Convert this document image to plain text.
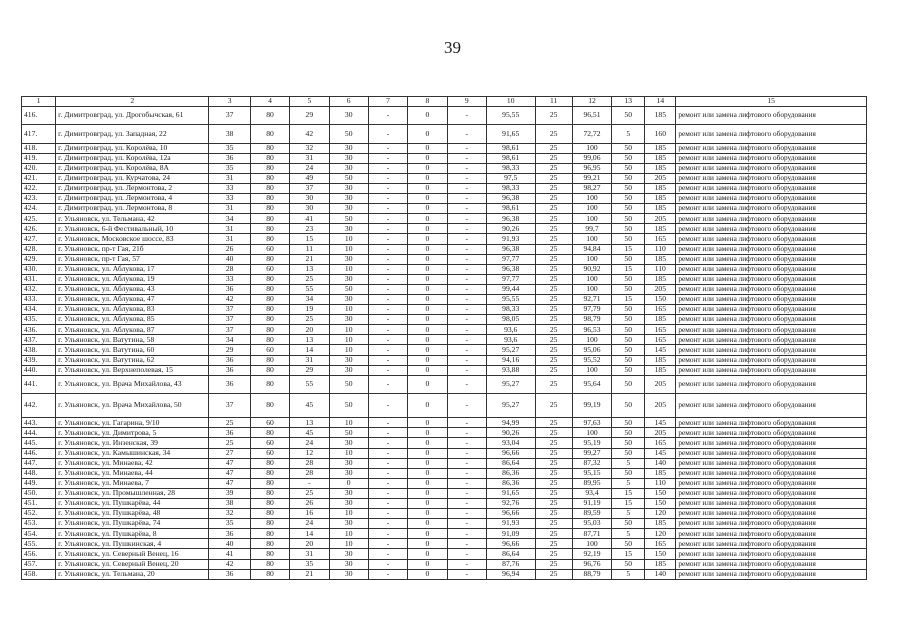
39
1	2	3	4	5	6	7	8	9	10	11	12	13	14	15
416.	г. Димитровград, ул. Дрогобычская, 61	37	80	29	30	-	0	-	95,55	25	96,51	50	185	ремонт или замена лифтового оборудования
417.	г. Димитровград, ул. Западная, 22	38	80	42	50	-	0	-	91,65	25	72,72	5	160	ремонт или замена лифтового оборудования
418.	г. Димитровград, ул. Королёва, 10	35	80	32	30	-	0	-	98,61	25	100	50	185	ремонт или замена лифтового оборудования
419.	г. Димитровград, ул. Королёва, 12а	36	80	31	30	-	0	-	98,61	25	99,06	50	185	ремонт или замена лифтового оборудования
420.	г. Димитровград, ул. Королёва, 8А	35	80	24	30	-	0	-	98,33	25	96,95	50	185	ремонт или замена лифтового оборудования
421.	г. Димитровград, ул. Курчатова, 24	31	80	49	50	-	0	-	97,5	25	99,21	50	205	ремонт или замена лифтового оборудования
422.	г. Димитровград, ул. Лермонтова, 2	33	80	37	30	-	0	-	98,33	25	98,27	50	185	ремонт или замена лифтового оборудования
423.	г. Димитровград, ул. Лермонтова, 4	33	80	30	30	-	0	-	96,38	25	100	50	185	ремонт или замена лифтового оборудования
424.	г. Димитровград, ул. Лермонтова, 8	31	80	30	30	-	0	-	98,61	25	100	50	185	ремонт или замена лифтового оборудования
425.	г. Ульяновск, ул. Тельмана, 42	34	80	41	50	-	0	-	96,38	25	100	50	205	ремонт или замена лифтового оборудования
426.	г. Ульяновск, 6-й Фестивальный, 10	31	80	23	30	-	0	-	90,26	25	99,7	50	185	ремонт или замена лифтового оборудования
427.	г. Ульяновск, Московское шоссе, 83	31	80	15	10	-	0	-	91,93	25	100	50	165	ремонт или замена лифтового оборудования
428.	г. Ульяновск, пр-т Гая, 21б	26	60	11	10	-	0	-	96,38	25	94,84	15	110	ремонт или замена лифтового оборудования
429.	г. Ульяновск, пр-т Гая, 57	40	80	21	30	-	0	-	97,77	25	100	50	185	ремонт или замена лифтового оборудования
430.	г. Ульяновск, ул. Аблукова, 17	28	60	13	10	-	0	-	96,38	25	90,92	15	110	ремонт или замена лифтового оборудования
431.	г. Ульяновск, ул. Аблукова, 19	33	80	25	30	-	0	-	97,77	25	100	50	185	ремонт или замена лифтового оборудования
432.	г. Ульяновск, ул. Аблукова, 43	36	80	55	50	-	0	-	99,44	25	100	50	205	ремонт или замена лифтового оборудования
433.	г. Ульяновск, ул. Аблукова, 47	42	80	34	30	-	0	-	95,55	25	92,71	15	150	ремонт или замена лифтового оборудования
434.	г. Ульяновск, ул. Аблукова, 83	37	80	19	10	-	0	-	98,33	25	97,79	50	165	ремонт или замена лифтового оборудования
435.	г. Ульяновск, ул. Аблукова, 85	37	80	25	30	-	0	-	98,05	25	98,79	50	185	ремонт или замена лифтового оборудования
436.	г. Ульяновск, ул. Аблукова, 87	37	80	20	10	-	0	-	93,6	25	96,53	50	165	ремонт или замена лифтового оборудования
437.	г. Ульяновск, ул. Ватутина, 58	34	80	13	10	-	0	-	93,6	25	100	50	165	ремонт или замена лифтового оборудования
438.	г. Ульяновск, ул. Ватутина, 60	29	60	14	10	-	0	-	95,27	25	95,06	50	145	ремонт или замена лифтового оборудования
439.	г. Ульяновск, ул. Ватутина, 62	36	80	31	30	-	0	-	94,16	25	95,52	50	185	ремонт или замена лифтового оборудования
440.	г. Ульяновск, ул. Верхнеполевая, 15	36	80	29	30	-	0	-	93,88	25	100	50	185	ремонт или замена лифтового оборудования
441.	г. Ульяновск, ул. Врача Михайлова, 43	36	80	55	50	-	0	-	95,27	25	95,64	50	205	ремонт или замена лифтового оборудования
442.	г. Ульяновск, ул. Врача Михайлова, 50	37	80	45	50	-	0	-	95,27	25	99,19	50	205	ремонт или замена лифтового оборудования
443.	г. Ульяновск, ул. Гагарина, 9/10	25	60	13	10	-	0	-	94,99	25	97,63	50	145	ремонт или замена лифтового оборудования
444.	г. Ульяновск, ул. Димитрова, 5	36	80	45	50	-	0	-	90,26	25	100	50	205	ремонт или замена лифтового оборудования
445.	г. Ульяновск, ул. Инзенская, 39	25	60	24	30	-	0	-	93,04	25	95,19	50	165	ремонт или замена лифтового оборудования
446.	г. Ульяновск, ул. Камышинская, 34	27	60	12	10	-	0	-	96,66	25	99,27	50	145	ремонт или замена лифтового оборудования
447.	г. Ульяновск, ул. Минаева, 42	47	80	28	30	-	0	-	86,64	25	87,32	5	140	ремонт или замена лифтового оборудования
448.	г. Ульяновск, ул. Минаева, 44	47	80	28	30	-	0	-	86,36	25	95,15	50	185	ремонт или замена лифтового оборудования
449.	г. Ульяновск, ул. Минаева, 7	47	80	-	0	-	0	-	86,36	25	89,95	5	110	ремонт или замена лифтового оборудования
450.	г. Ульяновск, ул. Промышленная, 28	39	80	25	30	-	0	-	91,65	25	93,4	15	150	ремонт или замена лифтового оборудования
451.	г. Ульяновск, ул. Пушкарёва, 44	38	80	26	30	-	0	-	92,76	25	91,19	15	150	ремонт или замена лифтового оборудования
452.	г. Ульяновск, ул. Пушкарёва, 48	32	80	16	10	-	0	-	96,66	25	89,59	5	120	ремонт или замена лифтового оборудования
453.	г. Ульяновск, ул. Пушкарёва, 74	35	80	24	30	-	0	-	91,93	25	95,03	50	185	ремонт или замена лифтового оборудования
454.	г. Ульяновск, ул. Пушкарёва, 8	36	80	14	10	-	0	-	91,09	25	87,71	5	120	ремонт или замена лифтового оборудования
455.	г. Ульяновск, ул. Пушкинская, 4	40	80	20	10	-	0	-	96,66	25	100	50	165	ремонт или замена лифтового оборудования
456.	г. Ульяновск, ул. Северный Венец, 16	41	80	31	30	-	0	-	86,64	25	92,19	15	150	ремонт или замена лифтового оборудования
457.	г. Ульяновск, ул. Северный Венец, 20	42	80	35	30	-	0	-	87,76	25	96,76	50	185	ремонт или замена лифтового оборудования
458.	г. Ульяновск, ул. Тельмана, 20	36	80	21	30	-	0	-	96,94	25	88,79	5	140	ремонт или замена лифтового оборудования
